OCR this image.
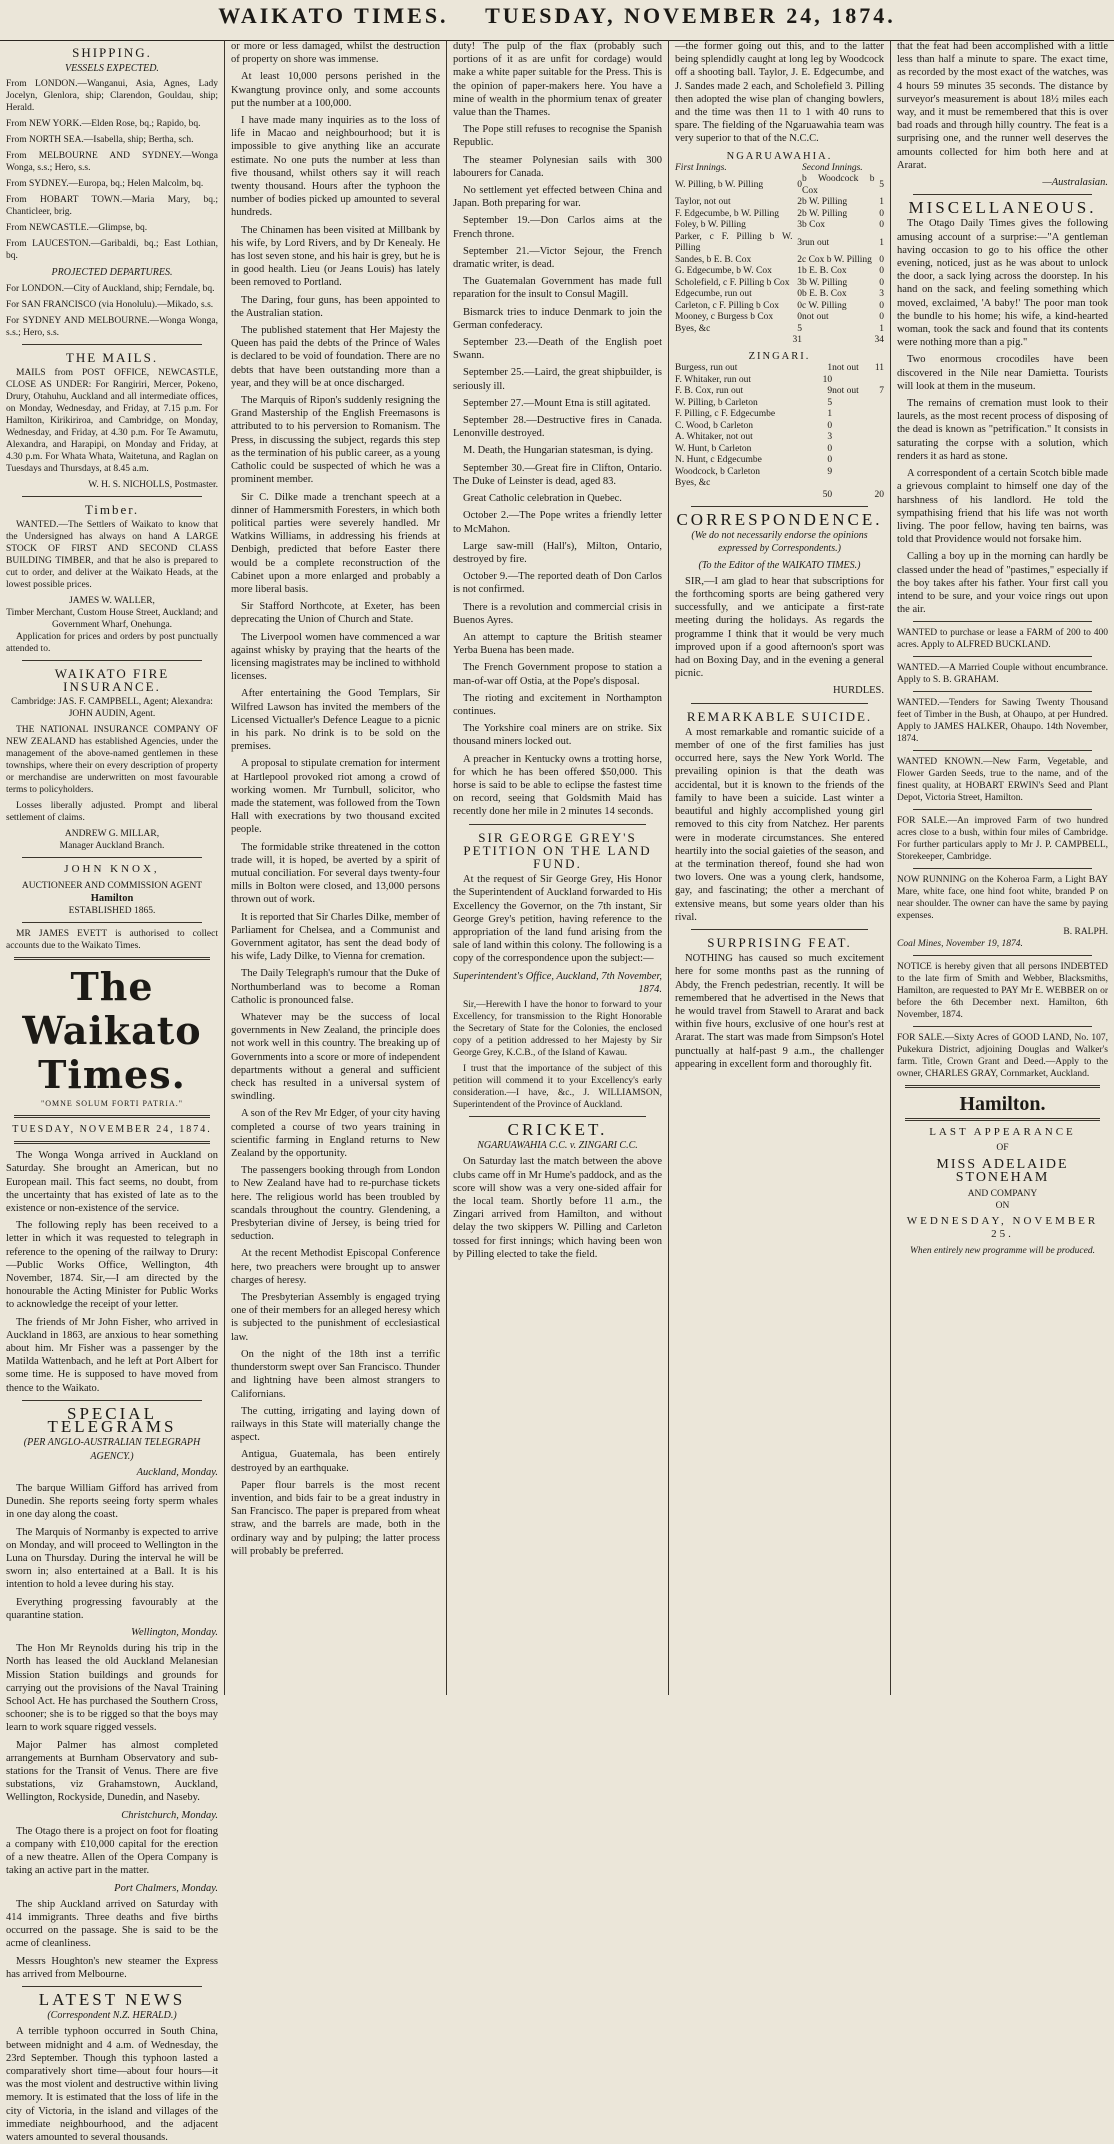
WAIKATO TIMES. TUESDAY, NOVEMBER 24, 1874.
SHIPPING.
VESSELS EXPECTED.

From LONDON.—Wanganui, Asia, Agnes, Lady Jocelyn, Glenlora, ship; Clarendon, Gouldau, ship; Herald.

From NEW YORK.—Elden Rose, bq.; Rapido, bq.

From NORTH SEA.—Isabella, ship; Bertha, sch.

From MELBOURNE AND SYDNEY.—Wonga Wonga, s.s.; Hero, s.s.

From SYDNEY.—Europa, bq.; Helen Malcolm, bq.

From HOBART TOWN.—Maria Mary, bq.; Chanticleer, brig.

From NEWCASTLE.—Glimpse, bq.

From LAUCESTON.—Garibaldi, bq.; East Lothian, bq.

PROJECTED DEPARTURES.

For LONDON.—City of Auckland, ship; Ferndale, bq.

For SAN FRANCISCO (via Honolulu).—Mikado, s.s.

For SYDNEY AND MELBOURNE.—Wonga Wonga, s.s.; Hero, s.s.

THE MAILS.

MAILS from POST OFFICE, NEWCASTLE, CLOSE AS UNDER: For Rangiriri, Mercer, Pokeno, Drury, Otahuhu, Auckland and all intermediate offices, on Monday, Wednesday, and Friday, at 7.15 p.m. For Hamilton, Kirikiriroa, and Cambridge, on Monday, Wednesday, and Friday, at 4.30 p.m. For Te Awamutu, Alexandra, and Harapipi, on Monday and Friday, at 4.30 p.m. For Whata Whata, Waitetuna, and Raglan on Tuesdays and Thursdays, at 8.45 a.m.

W. H. S. NICHOLLS, Postmaster.
Timber.

WANTED.—The Settlers of Waikato to know that the Undersigned has always on hand A LARGE STOCK OF FIRST AND SECOND CLASS BUILDING TIMBER, and that he also is prepared to cut to order, and deliver at the Waikato Heads, at the lowest possible prices.

JAMES W. WALLER,
Timber Merchant, Custom House Street, Auckland; and Government Wharf, Onehunga.

Application for prices and orders by post punctually attended to.

WAIKATO FIRE INSURANCE.

Cambridge: JAS. F. CAMPBELL, Agent; Alexandra: JOHN AUDIN, Agent.

THE NATIONAL INSURANCE COMPANY OF NEW ZEALAND has established Agencies, under the management of the above-named gentlemen in these townships, where their on every description of property or merchandise are underwritten on most favourable terms to policyholders.

Losses liberally adjusted. Prompt and liberal settlement of claims.

ANDREW G. MILLAR,
Manager Auckland Branch.
JOHN KNOX,
AUCTIONEER AND COMMISSION AGENT
Hamilton
ESTABLISHED 1865.

MR JAMES EVETT is authorised to collect accounts due to the Waikato Times.

The Waikato Times.
"OMNE SOLUM FORTI PATRIA."
TUESDAY, NOVEMBER 24, 1874.

The Wonga Wonga arrived in Auckland on Saturday. She brought an American, but no European mail. This fact seems, no doubt, from the uncertainty that has existed of late as to the existence or non-existence of the service.

The following reply has been received to a letter in which it was requested to telegraph in reference to the opening of the railway to Drury:—Public Works Office, Wellington, 4th November, 1874. Sir,—I am directed by the honourable the Acting Minister for Public Works to acknowledge the receipt of your letter.

The friends of Mr John Fisher, who arrived in Auckland in 1863, are anxious to hear something about him. Mr Fisher was a passenger by the Matilda Wattenbach, and he left at Port Albert for some time. He is supposed to have moved from thence to the Waikato.

SPECIAL TELEGRAMS
(PER ANGLO-AUSTRALIAN TELEGRAPH AGENCY.)
Auckland, Monday.

The barque William Gifford has arrived from Dunedin. She reports seeing forty sperm whales in one day along the coast.

The Marquis of Normanby is expected to arrive on Monday, and will proceed to Wellington in the Luna on Thursday. During the interval he will be sworn in; also entertained at a Ball. It is his intention to hold a levee during his stay.

Everything progressing favourably at the quarantine station.

Wellington, Monday.

The Hon Mr Reynolds during his trip in the North has leased the old Auckland Melanesian Mission Station buildings and grounds for carrying out the provisions of the Naval Training School Act. He has purchased the Southern Cross, schooner; she is to be rigged so that the boys may learn to work square rigged vessels.

Major Palmer has almost completed arrangements at Burnham Observatory and sub-stations for the Transit of Venus. There are five substations, viz Grahamstown, Auckland, Wellington, Rockyside, Dunedin, and Naseby.

Christchurch, Monday.

The Otago there is a project on foot for floating a company with £10,000 capital for the erection of a new theatre. Allen of the Opera Company is taking an active part in the matter.

Port Chalmers, Monday.

The ship Auckland arrived on Saturday with 414 immigrants. Three deaths and five births occurred on the passage. She is said to be the acme of cleanliness.

Messrs Houghton's new steamer the Express has arrived from Melbourne.

LATEST NEWS
(Correspondent N.Z. HERALD.)

A terrible typhoon occurred in South China, between midnight and 4 a.m. of Wednesday, the 23rd September. Though this typhoon lasted a comparatively short time—about four hours—it was the most violent and destructive within living memory. It is estimated that the loss of life in the city of Victoria, in the island and villages of the immediate neighbourhood, and the adjacent waters amounted to several thousands.

or more or less damaged, whilst the destruction of property on shore was immense.

At least 10,000 persons perished in the Kwangtung province only, and some accounts put the number at a 100,000.

I have made many inquiries as to the loss of life in Macao and neighbourhood; but it is impossible to give anything like an accurate estimate. No one puts the number at less than five thousand, whilst others say it will reach twenty thousand. Hours after the typhoon the number of bodies picked up amounted to several hundreds.

The Chinamen has been visited at Millbank by his wife, by Lord Rivers, and by Dr Kenealy. He has lost seven stone, and his hair is grey, but he is in good health. Lieu (or Jeans Louis) has lately been removed to Portland.

The Daring, four guns, has been appointed to the Australian station.

The published statement that Her Majesty the Queen has paid the debts of the Prince of Wales is declared to be void of foundation. There are no debts that have been outstanding more than a year, and they will be at once discharged.

The Marquis of Ripon's suddenly resigning the Grand Mastership of the English Freemasons is attributed to to his perversion to Romanism. The Press, in discussing the subject, regards this step as the termination of his public career, as a young Catholic could be suspected of which he was a prominent member.

Sir C. Dilke made a trenchant speech at a dinner of Hammersmith Foresters, in which both political parties were severely handled. Mr Watkins Williams, in addressing his friends at Denbigh, predicted that before Easter there would be a complete reconstruction of the Cabinet upon a more enlarged and probably a more liberal basis.

Sir Stafford Northcote, at Exeter, has been deprecating the Union of Church and State.

The Liverpool women have commenced a war against whisky by praying that the hearts of the licensing magistrates may be inclined to withhold licenses.

After entertaining the Good Templars, Sir Wilfred Lawson has invited the members of the Licensed Victualler's Defence League to a picnic in his park. No drink is to be sold on the premises.

A proposal to stipulate cremation for interment at Hartlepool provoked riot among a crowd of working women. Mr Turnbull, solicitor, who made the statement, was followed from the Town Hall with execrations by two thousand excited people.

The formidable strike threatened in the cotton trade will, it is hoped, be averted by a spirit of mutual conciliation. For several days twenty-four mills in Bolton were closed, and 13,000 persons thrown out of work.

It is reported that Sir Charles Dilke, member of Parliament for Chelsea, and a Communist and Government agitator, has sent the dead body of his wife, Lady Dilke, to Vienna for cremation.

The Daily Telegraph's rumour that the Duke of Northumberland was to become a Roman Catholic is pronounced false.

Whatever may be the success of local governments in New Zealand, the principle does not work well in this country. The breaking up of Governments into a score or more of independent departments without a general and sufficient check has resulted in a universal system of swindling.

A son of the Rev Mr Edger, of your city having completed a course of two years training in scientific farming in England returns to New Zealand by the opportunity.

The passengers booking through from London to New Zealand have had to re-purchase tickets here. The religious world has been troubled by scandals throughout the country. Glendening, a Presbyterian divine of Jersey, is being tried for seduction.

At the recent Methodist Episcopal Conference here, two preachers were brought up to answer charges of heresy.

The Presbyterian Assembly is engaged trying one of their members for an alleged heresy which is subjected to the punishment of ecclesiastical law.

On the night of the 18th inst a terrific thunderstorm swept over San Francisco. Thunder and lightning have been almost strangers to Californians.

The cutting, irrigating and laying down of railways in this State will materially change the aspect.

Antigua, Guatemala, has been entirely destroyed by an earthquake.

Paper flour barrels is the most recent invention, and bids fair to be a great industry in San Francisco. The paper is prepared from wheat straw, and the barrels are made, both in the ordinary way and by pulping; the latter process will probably be preferred.

duty! The pulp of the flax (probably such portions of it as are unfit for cordage) would make a white paper suitable for the Press. This is the opinion of paper-makers here. You have a mine of wealth in the phormium tenax of greater value than the Thames.

The Pope still refuses to recognise the Spanish Republic.

The steamer Polynesian sails with 300 labourers for Canada.

No settlement yet effected between China and Japan. Both preparing for war.

September 19.—Don Carlos aims at the French throne.

September 21.—Victor Sejour, the French dramatic writer, is dead.

The Guatemalan Government has made full reparation for the insult to Consul Magill.

Bismarck tries to induce Denmark to join the German confederacy.

September 23.—Death of the English poet Swann.

September 25.—Laird, the great shipbuilder, is seriously ill.

September 27.—Mount Etna is still agitated.

September 28.—Destructive fires in Canada. Lenonville destroyed.

M. Death, the Hungarian statesman, is dying.

September 30.—Great fire in Clifton, Ontario. The Duke of Leinster is dead, aged 83.

Great Catholic celebration in Quebec.

October 2.—The Pope writes a friendly letter to McMahon.

Large saw-mill (Hall's), Milton, Ontario, destroyed by fire.

October 9.—The reported death of Don Carlos is not confirmed.

There is a revolution and commercial crisis in Buenos Ayres.

An attempt to capture the British steamer Yerba Buena has been made.

The French Government propose to station a man-of-war off Ostia, at the Pope's disposal.

The rioting and excitement in Northampton continues.

The Yorkshire coal miners are on strike. Six thousand miners locked out.

A preacher in Kentucky owns a trotting horse, for which he has been offered $50,000. This horse is said to be able to eclipse the fastest time on record, seeing that Goldsmith Maid has recently done her mile in 2 minutes 14 seconds.

SIR GEORGE GREY'S PETITION ON THE LAND FUND.

At the request of Sir George Grey, His Honor the Superintendent of Auckland forwarded to His Excellency the Governor, on the 7th instant, Sir George Grey's petition, having reference to the appropriation of the land fund arising from the sale of land within this colony. The following is a copy of the correspondence upon the subject:—

Superintendent's Office, Auckland, 7th November, 1874.

Sir,—Herewith I have the honor to forward to your Excellency, for transmission to the Right Honorable the Secretary of State for the Colonies, the enclosed copy of a petition addressed to her Majesty by Sir George Grey, K.C.B., of the Island of Kawau.

I trust that the importance of the subject of this petition will commend it to your Excellency's early consideration.—I have, &c., J. WILLIAMSON, Superintendent of the Province of Auckland.

CRICKET.
NGARUAWAHIA C.C. v. ZINGARI C.C.

On Saturday last the match between the above clubs came off in Mr Hume's paddock, and as the score will show was a very one-sided affair for the local team. Shortly before 11 a.m., the Zingari arrived from Hamilton, and without delay the two skippers W. Pilling and Carleton tossed for first innings; which having been won by Pilling elected to take the field.

—the former going out this, and to the latter being splendidly caught at long leg by Woodcock off a shooting ball. Taylor, J. E. Edgecumbe, and J. Sandes made 2 each, and Scholefield 3. Pilling then adopted the wise plan of changing bowlers, and the time was then 11 to 1 with 40 runs to spare. The fielding of the Ngaruawahia team was very superior to that of the N.C.C.

NGARUAWAHIA.
First Innings.		Second Innings.	
W. Pilling, b W. Pilling	0	b Woodcock b Cox	5
Taylor, not out	2	b W. Pilling	1
F. Edgecumbe, b W. Pilling	2	b W. Pilling	0
Foley, b W. Pilling	3	b Cox	0
Parker, c F. Pilling b W. Pilling	3	run out	1
Sandes, b E. B. Cox	2	c Cox b W. Pilling	0
G. Edgecumbe, b W. Cox	1	b E. B. Cox	0
Scholefield, c F. Pilling b Cox	3	b W. Pilling	0
Edgecumbe, run out	0	b E. B. Cox	3
Carleton, c F. Pilling b Cox	0	c W. Pilling	0
Mooney, c Burgess b Cox	0	not out	0
Byes, &c	5		1
	31		34
ZINGARI.
Burgess, run out	1	not out	11
F. Whitaker, run out	10		
F. B. Cox, run out	9	not out	7
W. Pilling, b Carleton	5		
F. Pilling, c F. Edgecumbe	1		
C. Wood, b Carleton	0		
A. Whitaker, not out	3		
W. Hunt, b Carleton	0		
N. Hunt, c Edgecumbe	0		
Woodcock, b Carleton	9		
Byes, &c			
	50		20
CORRESPONDENCE.
(We do not necessarily endorse the opinions expressed by Correspondents.)
(To the Editor of the WAIKATO TIMES.)

SIR,—I am glad to hear that subscriptions for the forthcoming sports are being gathered very successfully, and we anticipate a first-rate meeting during the holidays. As regards the programme I think that it would be very much improved upon if a good afternoon's sport was had on Boxing Day, and in the evening a general picnic.

HURDLES.
REMARKABLE SUICIDE.

A most remarkable and romantic suicide of a member of one of the first families has just occurred here, says the New York World. The prevailing opinion is that the death was accidental, but it is known to the friends of the family to have been a suicide. Last winter a beautiful and highly accomplished young girl removed to this city from Natchez. Her parents were in moderate circumstances. She entered heartily into the social gaieties of the season, and at the termination thereof, found she had won two lovers. One was a young clerk, handsome, gay, and fascinating; the other a merchant of extensive means, but some years older than his rival.

SURPRISING FEAT.

NOTHING has caused so much excitement here for some months past as the running of Abdy, the French pedestrian, recently. It will be remembered that he advertised in the News that he would travel from Stawell to Ararat and back within five hours, exclusive of one hour's rest at Ararat. The start was made from Simpson's Hotel punctually at half-past 9 a.m., the challenger appearing in excellent form and thoroughly fit.

that the feat had been accomplished with a little less than half a minute to spare. The exact time, as recorded by the most exact of the watches, was 4 hours 59 minutes 35 seconds. The distance by surveyor's measurement is about 18½ miles each way, and it must be remembered that this is over bad roads and through hilly country. The feat is a surprising one, and the runner well deserves the amounts collected for him both here and at Ararat.

—Australasian.
MISCELLANEOUS.

The Otago Daily Times gives the following amusing account of a surprise:—"A gentleman having occasion to go to his office the other evening, noticed, just as he was about to unlock the door, a sack lying across the doorstep. In his hand on the sack, and feeling something which moved, exclaimed, 'A baby!' The poor man took the bundle to his home; his wife, a kind-hearted woman, took the sack and found that its contents were nothing more than a pig."

Two enormous crocodiles have been discovered in the Nile near Damietta. Tourists will look at them in the museum.

The remains of cremation must look to their laurels, as the most recent process of disposing of the dead is known as "petrification." It consists in saturating the corpse with a solution, which renders it as hard as stone.

A correspondent of a certain Scotch bible made a grievous complaint to himself one day of the harshness of his landlord. He told the sympathising friend that his life was not worth living. The poor fellow, having ten bairns, was told that Providence would not forsake him.

Calling a boy up in the morning can hardly be classed under the head of "pastimes," especially if the boy takes after his father. Your first call you intend to be sure, and your voice rings out upon the air.

WANTED to purchase or lease a FARM of 200 to 400 acres. Apply to ALFRED BUCKLAND.

WANTED.—A Married Couple without encumbrance. Apply to S. B. GRAHAM.

WANTED.—Tenders for Sawing Twenty Thousand feet of Timber in the Bush, at Ohaupo, at per Hundred. Apply to JAMES HALKER, Ohaupo. 14th November, 1874.

WANTED KNOWN.—New Farm, Vegetable, and Flower Garden Seeds, true to the name, and of the finest quality, at HOBART ERWIN's Seed and Plant Depot, Victoria Street, Hamilton.

FOR SALE.—An improved Farm of two hundred acres close to a bush, within four miles of Cambridge. For further particulars apply to Mr J. P. CAMPBELL, Storekeeper, Cambridge.

NOW RUNNING on the Koheroa Farm, a Light BAY Mare, white face, one hind foot white, branded P on near shoulder. The owner can have the same by paying expenses.

B. RALPH.
Coal Mines, November 19, 1874.

NOTICE is hereby given that all persons INDEBTED to the late firm of Smith and Webber, Blacksmiths, Hamilton, are requested to PAY Mr E. WEBBER on or before the 6th December next. Hamilton, 6th November, 1874.

FOR SALE.—Sixty Acres of GOOD LAND, No. 107, Pukekura District, adjoining Douglas and Walker's farm. Title, Crown Grant and Deed.—Apply to the owner, CHARLES GRAY, Cornmarket, Auckland.

Hamilton.
LAST APPEARANCE
OF
MISS ADELAIDE STONEHAM
AND COMPANY
ON
WEDNESDAY, NOVEMBER 25.
When entirely new programme will be produced.
